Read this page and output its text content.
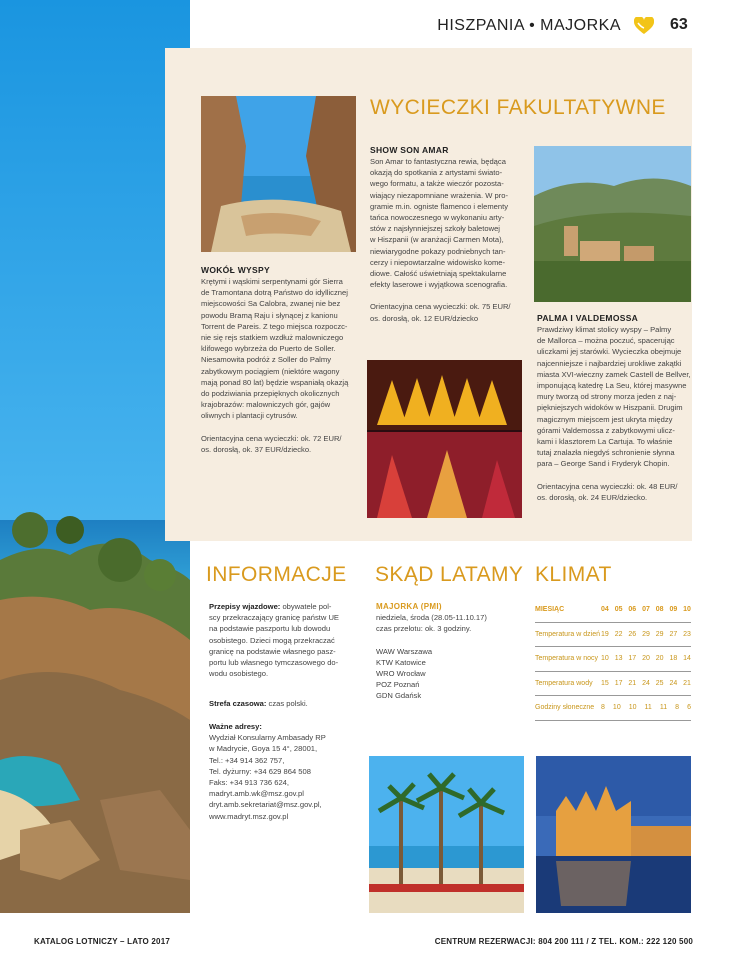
HISZPANIA • MAJORKA	63
WYCIECZKI FAKULTATYWNE
WOKÓŁ WYSPY
Krętymi i wąskimi serpentynami gór Sierra
de Tramontana dotrą Państwo do idyllicznej
miejscowości Sa Calobra, zwanej nie bez
powodu Bramą Raju i słynącej z kanionu
Torrent de Pareis. Z tego miejsca rozpoczc-
nie się rejs statkiem wzdłuż malowniczego
klifowego wybrzeża do Puerto de Soller.
Niesamowita podróż z Soller do Palmy
zabytkowym pociągiem (niektóre wagony
mają ponad 80 lat) będzie wspaniałą okazją
do podziwiania przepięknych okolicznych
krajobrazów: malowniczych gór, gajów
oliwnych i plantacji cytrusów.
Orientacyjna cena wycieczki: ok. 72 EUR/
os. dorosłą, ok. 37 EUR/dziecko.
SHOW SON AMAR
Son Amar to fantastyczna rewia, będąca
okazją do spotkania z artystami świato-
wego formatu, a także wieczór pozosta-
wiający niezapomniane wrażenia. W pro-
gramie m.in. ogniste flamenco i elementy
tańca nowoczesnego w wykonaniu arty-
stów z najsłynniejszej szkoły baletowej
w Hiszpanii (w aranżacji Carmen Mota),
niewiarygodne pokazy podniebnych tan-
cerzy i niepowtarzalne widowisko kome-
diowe. Całość uświetniają spektakularne
efekty laserowe i wyjątkowa scenografia.
Orientacyjna cena wycieczki: ok. 75 EUR/
os. dorosłą, ok. 12 EUR/dziecko	PALMA I VALDEMOSSA
Prawdziwy klimat stolicy wyspy – Palmy
de Mallorca – można poczuć, spacerując
uliczkami jej starówki. Wycieczka obejmuje
najcenniejsze i najbardziej urokliwe zakątki
miasta XVI-wieczny zamek Castell de Bellver,
imponującą katedrę La Seu, której masywne
mury tworzą od strony morza jeden z naj-
piękniejszych widoków w Hiszpanii. Drugim
magicznym miejscem jest ukryta między
górami Valdemossa z zabytkowymi ulicz-
kami i klasztorem La Cartuja. To właśnie
tutaj znalazła niegdyś schronienie słynna
para – George Sand i Fryderyk Chopin.
Orientacyjna cena wycieczki: ok. 48 EUR/
os. dorosłą, ok. 24 EUR/dziecko.
INFORMACJE
Przepisy wjazdowe: obywatele pol-
scy przekraczający granicę państw UE
na podstawie paszportu lub dowodu
osobistego. Dzieci mogą przekraczać
granicę na podstawie własnego pasz-
portu lub własnego tymczasowego do-
wodu osobistego.
Strefa czasowa: czas polski.
Ważne adresy:
Wydział Konsularny Ambasady RP
w Madrycie, Goya 15 4°, 28001,
Tel.: +34 914 362 757,
Tel. dyżurny: +34 629 864 508
Faks: +34 913 736 624,
madryt.amb.wk@msz.gov.pl
dryt.amb.sekretariat@msz.gov.pl,
www.madryt.msz.gov.pl
SKĄD LATAMY
MAJORKA (PMI)
niedziela, środa (28.05-11.10.17)
czas przelotu: ok. 3 godziny.
WAW Warszawa
KTW Katowice
WRO Wrocław
POZ Poznań
GDN Gdańsk
KLIMAT
MIESIĄC	04 05 06 07 08 09 10
Temperatura w dzień 19 22 26 29 29 27 23
Temperatura w nocy 10 13 17 20 20 18 14
Temperatura wody	15 17 21 24 25 24 21
Godziny słoneczne 8 10 10 11 11 8 6
KATALOG LOTNICZY – LATO 2017	CENTRUM REZERWACJI: 804 200 111 / Z TEL. KOM.: 222 120 500
